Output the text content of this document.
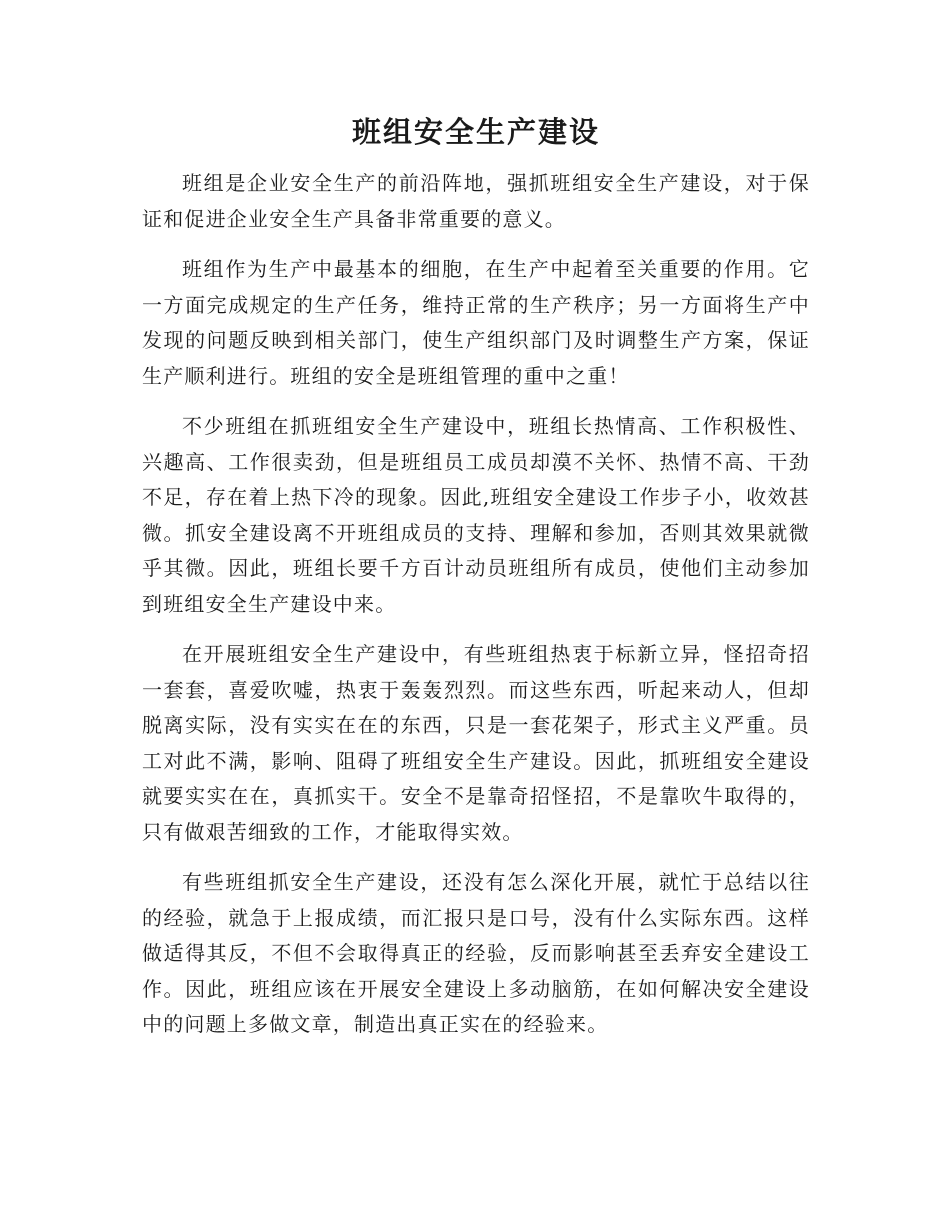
班组安全生产建设

班组是企业安全生产的前沿阵地，强抓班组安全生产建设，对于保证和促进企业安全生产具备非常重要的意义。

班组作为生产中最基本的细胞，在生产中起着至关重要的作用。它一方面完成规定的生产任务，维持正常的生产秩序；另一方面将生产中发现的问题反映到相关部门，使生产组织部门及时调整生产方案，保证生产顺利进行。班组的安全是班组管理的重中之重！

不少班组在抓班组安全生产建设中，班组长热情高、工作积极性、兴趣高、工作很卖劲，但是班组员工成员却漠不关怀、热情不高、干劲不足，存在着上热下冷的现象。因此,班组安全建设工作步子小，收效甚微。抓安全建设离不开班组成员的支持、理解和参加，否则其效果就微乎其微。因此，班组长要千方百计动员班组所有成员，使他们主动参加到班组安全生产建设中来。

在开展班组安全生产建设中，有些班组热衷于标新立异，怪招奇招一套套，喜爱吹嘘，热衷于轰轰烈烈。而这些东西，听起来动人，但却脱离实际，没有实实在在的东西，只是一套花架子，形式主义严重。员工对此不满，影响、阻碍了班组安全生产建设。因此，抓班组安全建设就要实实在在，真抓实干。安全不是靠奇招怪招，不是靠吹牛取得的，只有做艰苦细致的工作，才能取得实效。

有些班组抓安全生产建设，还没有怎么深化开展，就忙于总结以往的经验，就急于上报成绩，而汇报只是口号，没有什么实际东西。这样做适得其反，不但不会取得真正的经验，反而影响甚至丢弃安全建设工作。因此，班组应该在开展安全建设上多动脑筋，在如何解决安全建设中的问题上多做文章，制造出真正实在的经验来。
